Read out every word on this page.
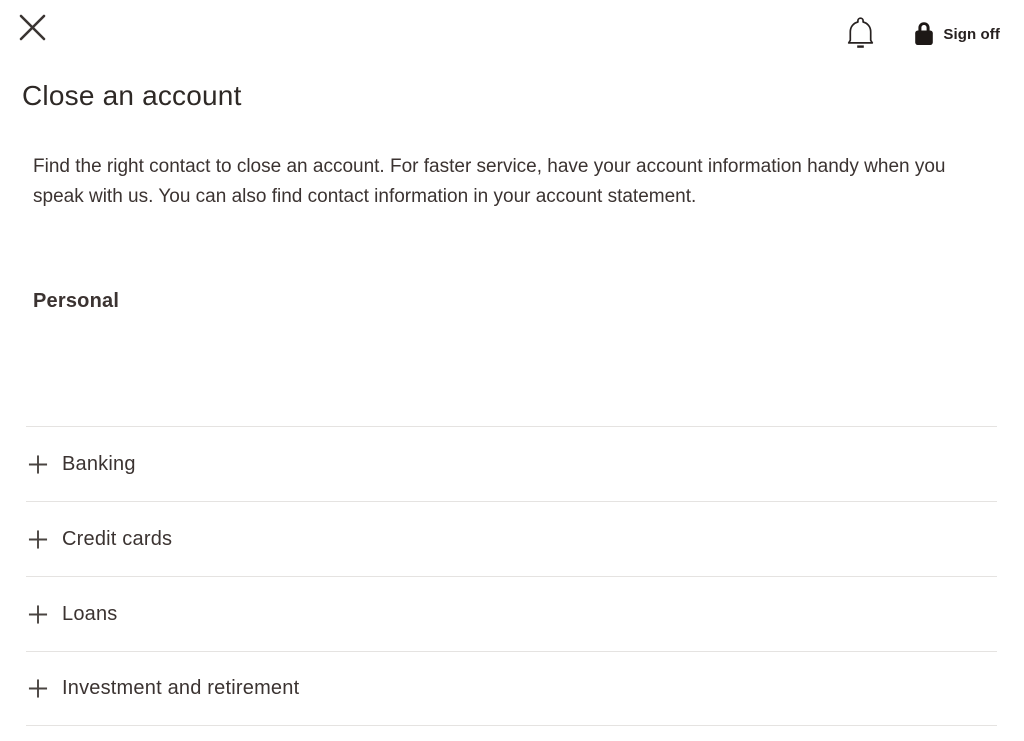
Sign off
Close an account

Find the right contact to close an account. For faster service, have your account information handy when you speak with us. You can also find contact information in your account statement.

Personal
Banking
Credit cards
Loans
Investment and retirement
